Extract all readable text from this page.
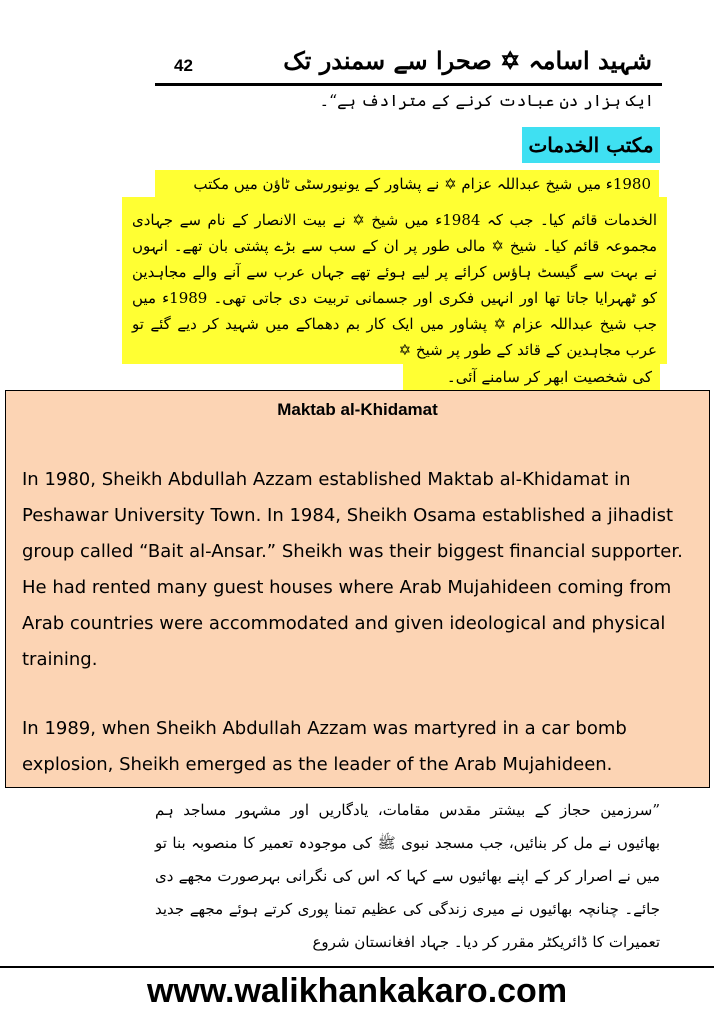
42	شہید اسامہ ✡ صحرا سے سمندر تک
ایک ہزار دن عبادت کرنے کے مترادف ہے“۔
مکتب الخدمات
1980ء میں شیخ عبداللہ عزام ✡ نے پشاور کے یونیورسٹی ٹاؤن میں مکتب
الخدمات قائم کیا۔ جب کہ 1984ء میں شیخ ✡ نے بیت الانصار کے نام سے جہادی مجموعہ قائم کیا۔ شیخ ✡ مالی طور پر ان کے سب سے بڑے پشتی بان تھے۔ انہوں نے بہت سے گیسٹ ہاؤس کرائے پر لیے ہوئے تھے جہاں عرب سے آنے والے مجاہدین کو ٹھہرایا جاتا تھا اور انہیں فکری اور جسمانی تربیت دی جاتی تھی۔ 1989ء میں جب شیخ عبداللہ عزام ✡ پشاور میں ایک کار بم دھماکے میں شہید کر دیے گئے تو عرب مجاہدین کے قائد کے طور پر شیخ ✡
کی شخصیت ابھر کر سامنے آئی۔
Maktab al-Khidamat
In 1980, Sheikh Abdullah Azzam established Maktab al-Khidamat in Peshawar University Town. In 1984, Sheikh Osama established a jihadist group called “Bait al-Ansar.” Sheikh was their biggest financial supporter. He had rented many guest houses where Arab Mujahideen coming from Arab countries were accommodated and given ideological and physical training.
In 1989, when Sheikh Abdullah Azzam was martyred in a car bomb explosion, Sheikh emerged as the leader of the Arab Mujahideen.
”سرزمین حجاز کے بیشتر مقدس مقامات، یادگاریں اور مشہور مساجد ہم بھائیوں نے مل کر بنائیں، جب مسجد نبوی ﷺ کی موجودہ تعمیر کا منصوبہ بنا تو میں نے اصرار کر کے اپنے بھائیوں سے کہا کہ اس کی نگرانی بہرصورت مجھے دی جائے۔ چنانچہ بھائیوں نے میری زندگی کی عظیم تمنا پوری کرتے ہوئے مجھے جدید تعمیرات کا ڈائریکٹر مقرر کر دیا۔ جہاد افغانستان شروع
www.walikhankakaro.com
